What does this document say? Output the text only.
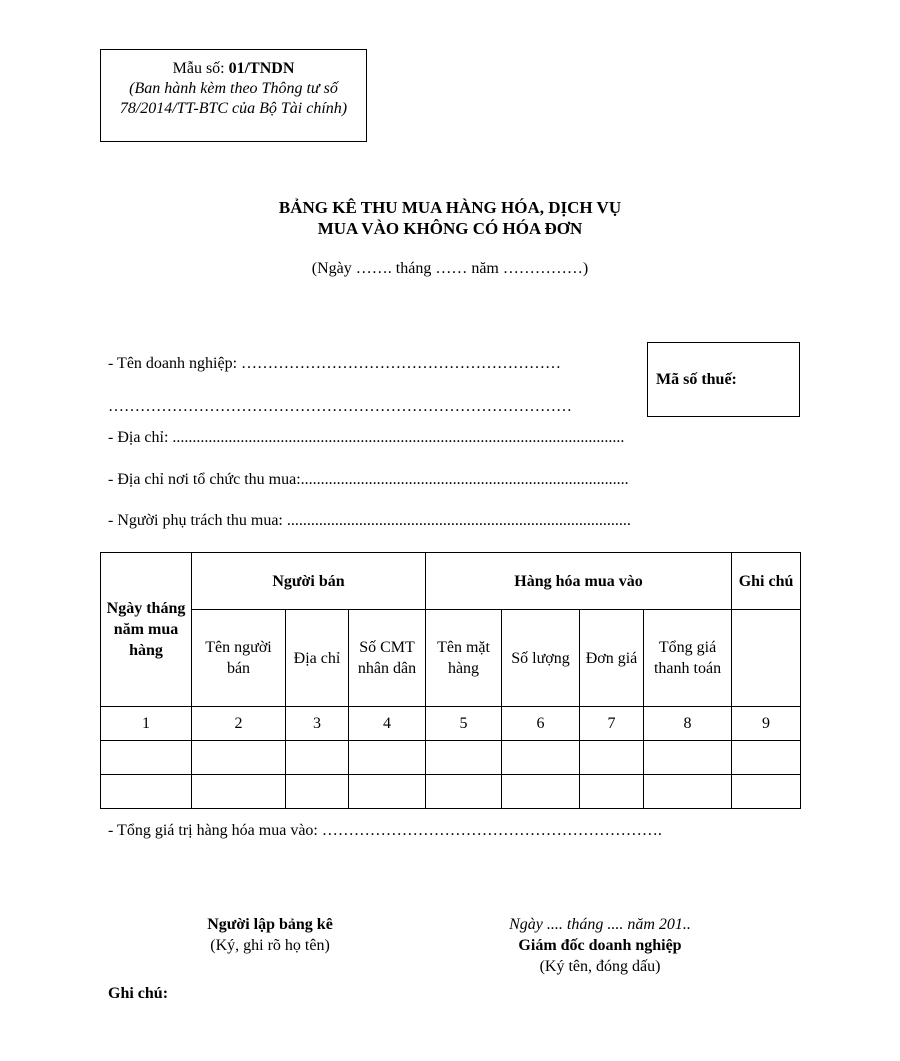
Mẫu số: 01/TNDN
(Ban hành kèm theo Thông tư số 78/2014/TT-BTC của Bộ Tài chính)
BẢNG KÊ THU MUA HÀNG HÓA, DỊCH VỤ
MUA VÀO KHÔNG CÓ HÓA ĐƠN
(Ngày ……. tháng …… năm ……………)
- Tên doanh nghiệp: ……………………………………………………
……………………………………………………………………………
Mã số thuế:
- Địa chỉ: .................................................................................................................
- Địa chỉ nơi tổ chức thu mua:..................................................................................
- Người phụ trách thu mua: ......................................................................................
Ngày tháng năm mua hàng	Người bán			Hàng hóa mua vào				Ghi chú
	Tên người bán	Địa chỉ	Số CMT nhân dân	Tên mặt hàng	Số lượng	Đơn giá	Tổng giá thanh toán	
1	2	3	4	5	6	7	8	9

- Tổng giá trị hàng hóa mua vào: ……………………………………………………….
Người lập bảng kê
(Ký, ghi rõ họ tên)
Ngày .... tháng .... năm 201..
Giám đốc doanh nghiệp
(Ký tên, đóng dấu)
Ghi chú:
